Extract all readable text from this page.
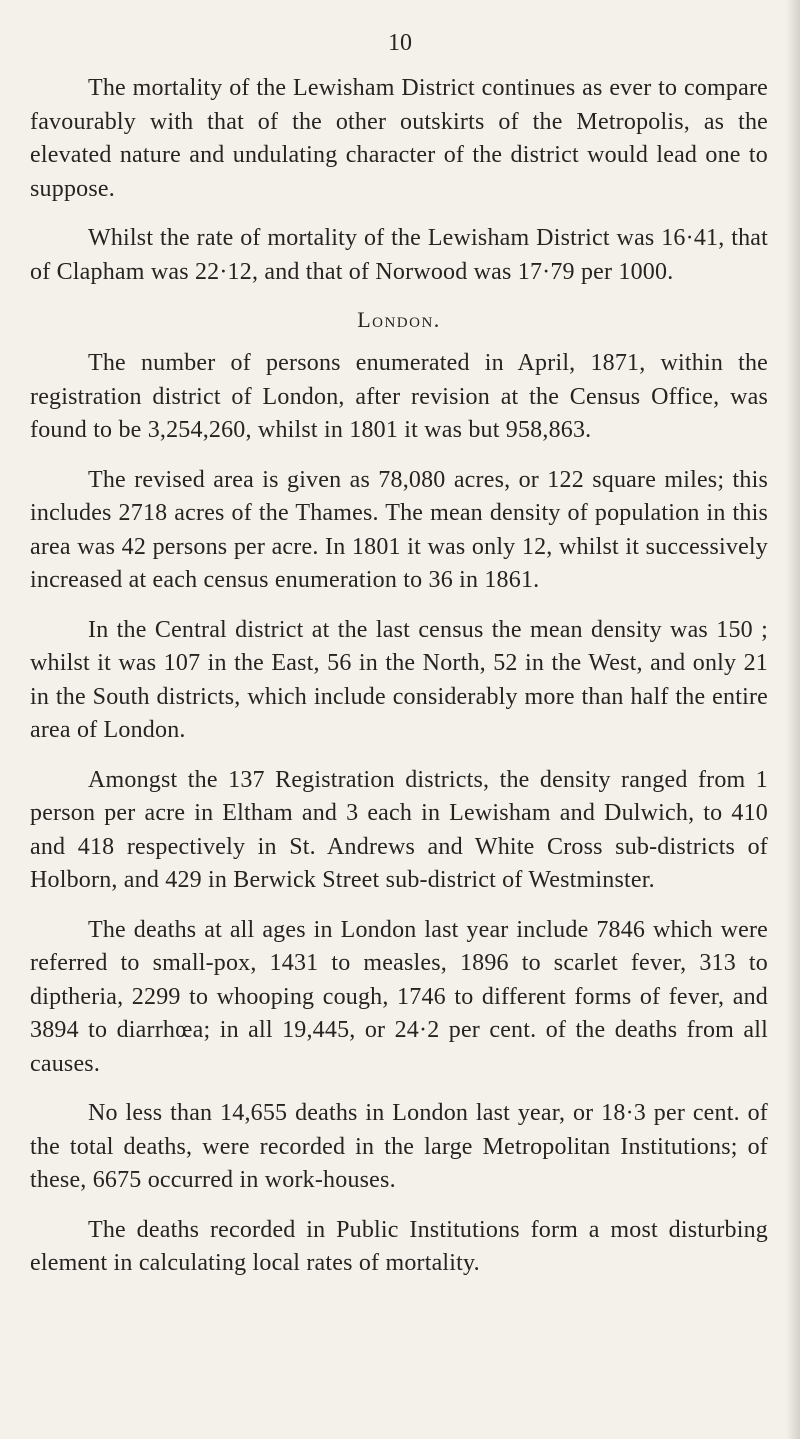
10

The mortality of the Lewisham District continues as ever to compare favourably with that of the other outskirts of the Metropolis, as the elevated nature and undulating character of the district would lead one to suppose.

Whilst the rate of mortality of the Lewisham District was 16·41, that of Clapham was 22·12, and that of Norwood was 17·79 per 1000.

London.

The number of persons enumerated in April, 1871, within the registration district of London, after revision at the Census Office, was found to be 3,254,260, whilst in 1801 it was but 958,863.

The revised area is given as 78,080 acres, or 122 square miles; this includes 2718 acres of the Thames. The mean density of population in this area was 42 persons per acre. In 1801 it was only 12, whilst it successively increased at each census enumeration to 36 in 1861.

In the Central district at the last census the mean density was 150 ; whilst it was 107 in the East, 56 in the North, 52 in the West, and only 21 in the South districts, which include considerably more than half the entire area of London.

Amongst the 137 Registration districts, the density ranged from 1 person per acre in Eltham and 3 each in Lewisham and Dulwich, to 410 and 418 respectively in St. Andrews and White Cross sub-districts of Holborn, and 429 in Berwick Street sub-district of Westminster.

The deaths at all ages in London last year include 7846 which were referred to small-pox, 1431 to measles, 1896 to scarlet fever, 313 to diptheria, 2299 to whooping cough, 1746 to different forms of fever, and 3894 to diarrhœa; in all 19,445, or 24·2 per cent. of the deaths from all causes.

No less than 14,655 deaths in London last year, or 18·3 per cent. of the total deaths, were recorded in the large Metropolitan Institutions; of these, 6675 occurred in work-houses.

The deaths recorded in Public Institutions form a most disturbing element in calculating local rates of mortality.
